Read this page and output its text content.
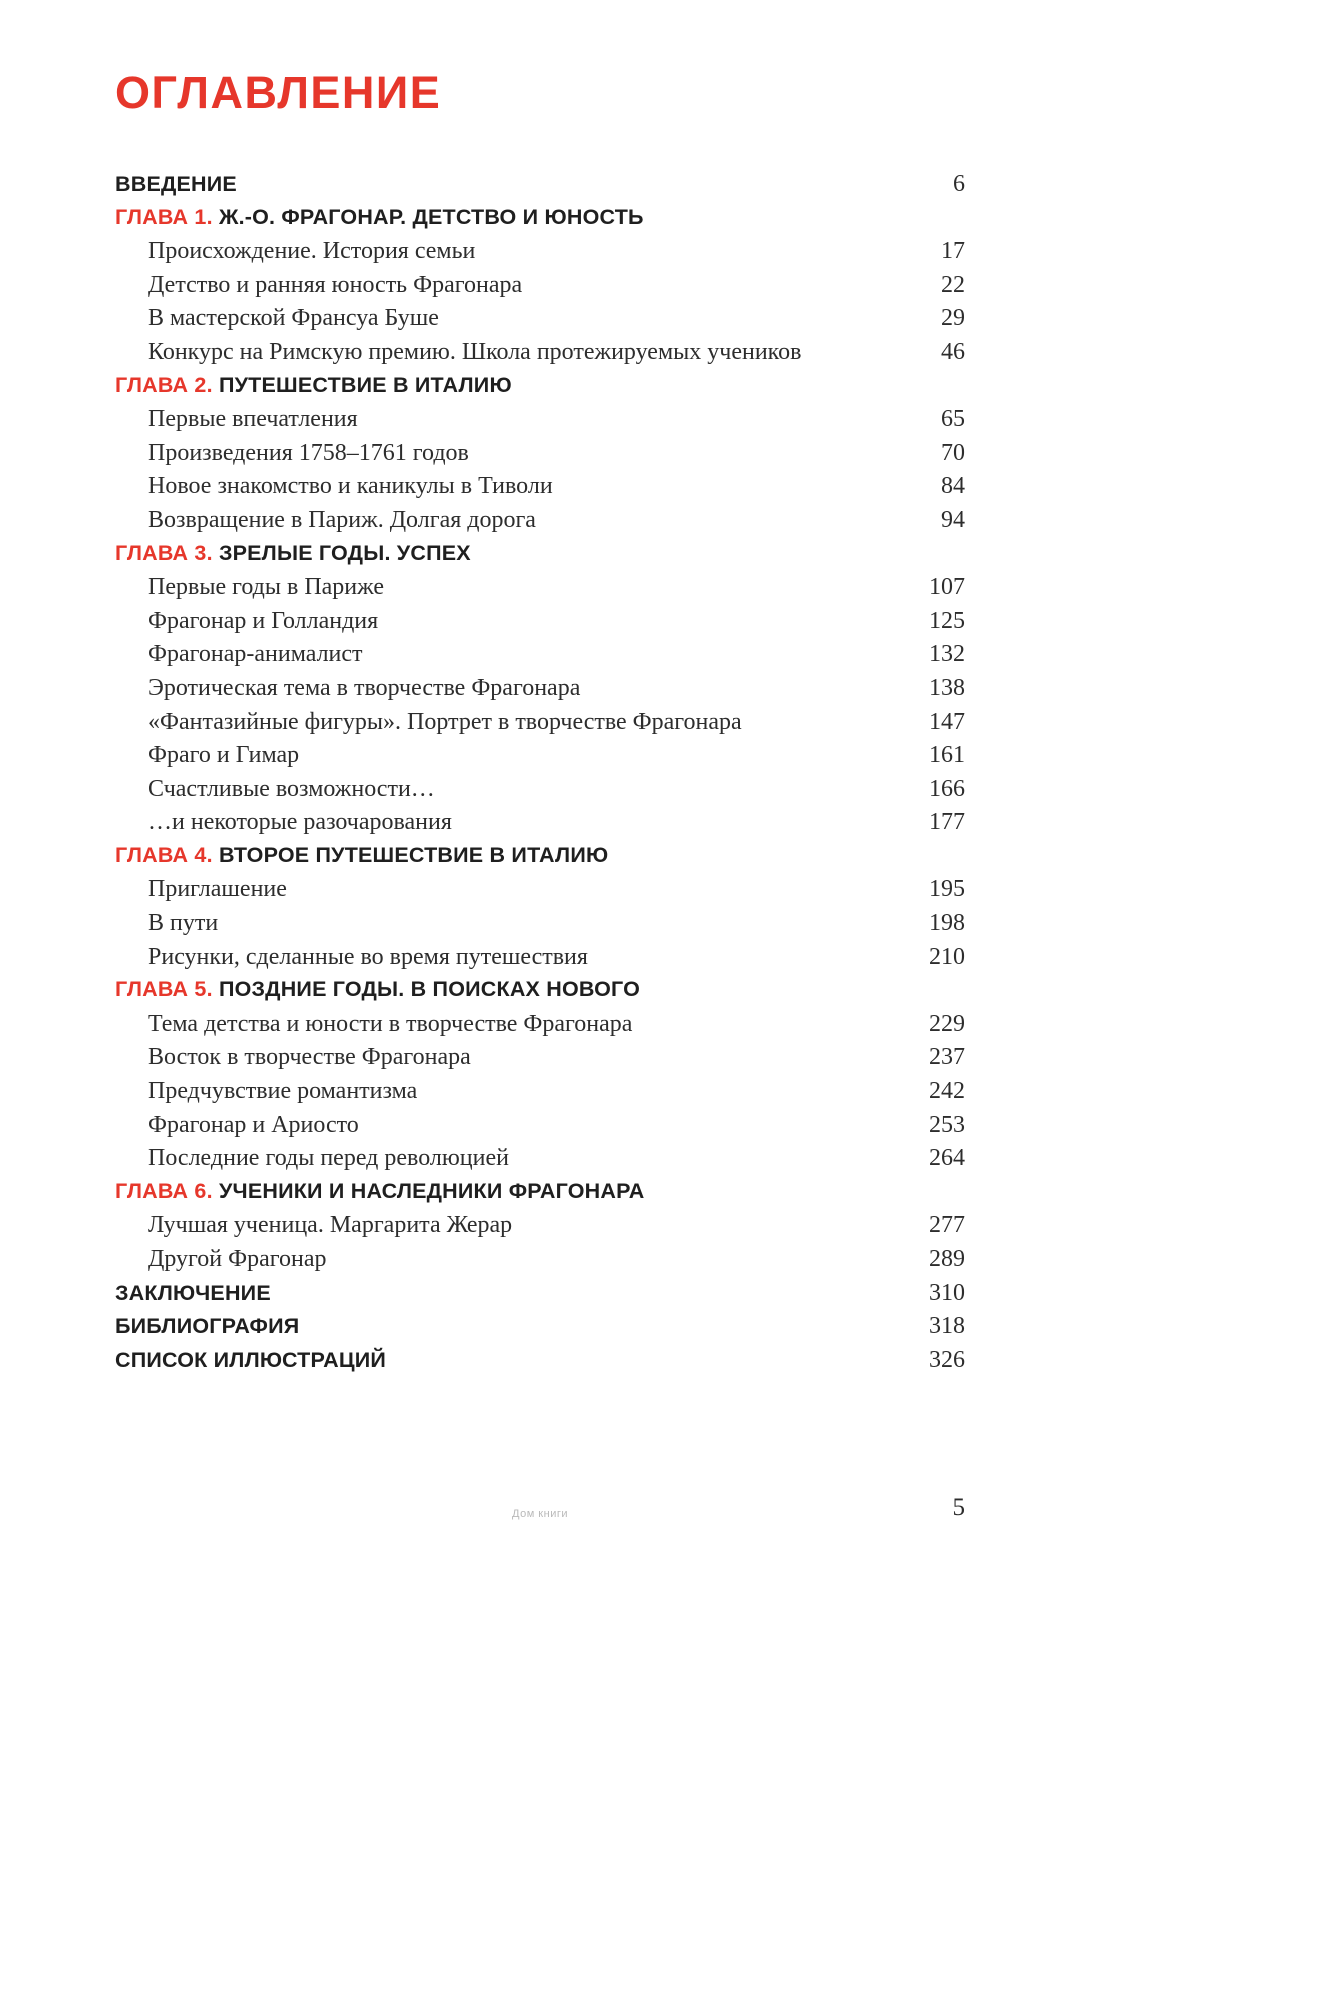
ОГЛАВЛЕНИЕ
ВВЕДЕНИЕ	6
ГЛАВА 1. Ж.-О. ФРАГОНАР. ДЕТСТВО И ЮНОСТЬ
Происхождение. История семьи	17
Детство и ранняя юность Фрагонара	22
В мастерской Франсуа Буше	29
Конкурс на Римскую премию. Школа протежируемых учеников	46
ГЛАВА 2. ПУТЕШЕСТВИЕ В ИТАЛИЮ
Первые впечатления	65
Произведения 1758–1761 годов	70
Новое знакомство и каникулы в Тиволи	84
Возвращение в Париж. Долгая дорога	94
ГЛАВА 3. ЗРЕЛЫЕ ГОДЫ. УСПЕХ
Первые годы в Париже	107
Фрагонар и Голландия	125
Фрагонар-анималист	132
Эротическая тема в творчестве Фрагонара	138
«Фантазийные фигуры». Портрет в творчестве Фрагонара	147
Фраго и Гимар	161
Счастливые возможности…	166
…и некоторые разочарования	177
ГЛАВА 4. ВТОРОЕ ПУТЕШЕСТВИЕ В ИТАЛИЮ
Приглашение	195
В пути	198
Рисунки, сделанные во время путешествия	210
ГЛАВА 5. ПОЗДНИЕ ГОДЫ. В ПОИСКАХ НОВОГО
Тема детства и юности в творчестве Фрагонара	229
Восток в творчестве Фрагонара	237
Предчувствие романтизма	242
Фрагонар и Ариосто	253
Последние годы перед революцией	264
ГЛАВА 6. УЧЕНИКИ И НАСЛЕДНИКИ ФРАГОНАРА
Лучшая ученица. Маргарита Жерар	277
Другой Фрагонар	289
ЗАКЛЮЧЕНИЕ	310
БИБЛИОГРАФИЯ	318
СПИСОК ИЛЛЮСТРАЦИЙ	326
5
Дом книги
